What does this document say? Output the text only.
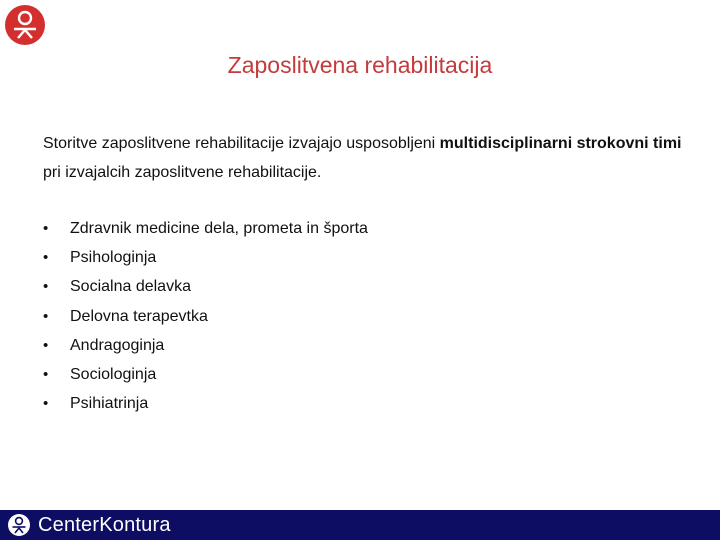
Zaposlitvena rehabilitacija
Storitve zaposlitvene rehabilitacije izvajajo usposobljeni multidisciplinarni strokovni timi pri izvajalcih zaposlitvene rehabilitacije.
• Zdravnik medicine dela, prometa in športa
• Psihologinja
• Socialna delavka
• Delovna terapevtka
• Andragoginja
• Sociologinja
• Psihiatrinja
CenterKontura
